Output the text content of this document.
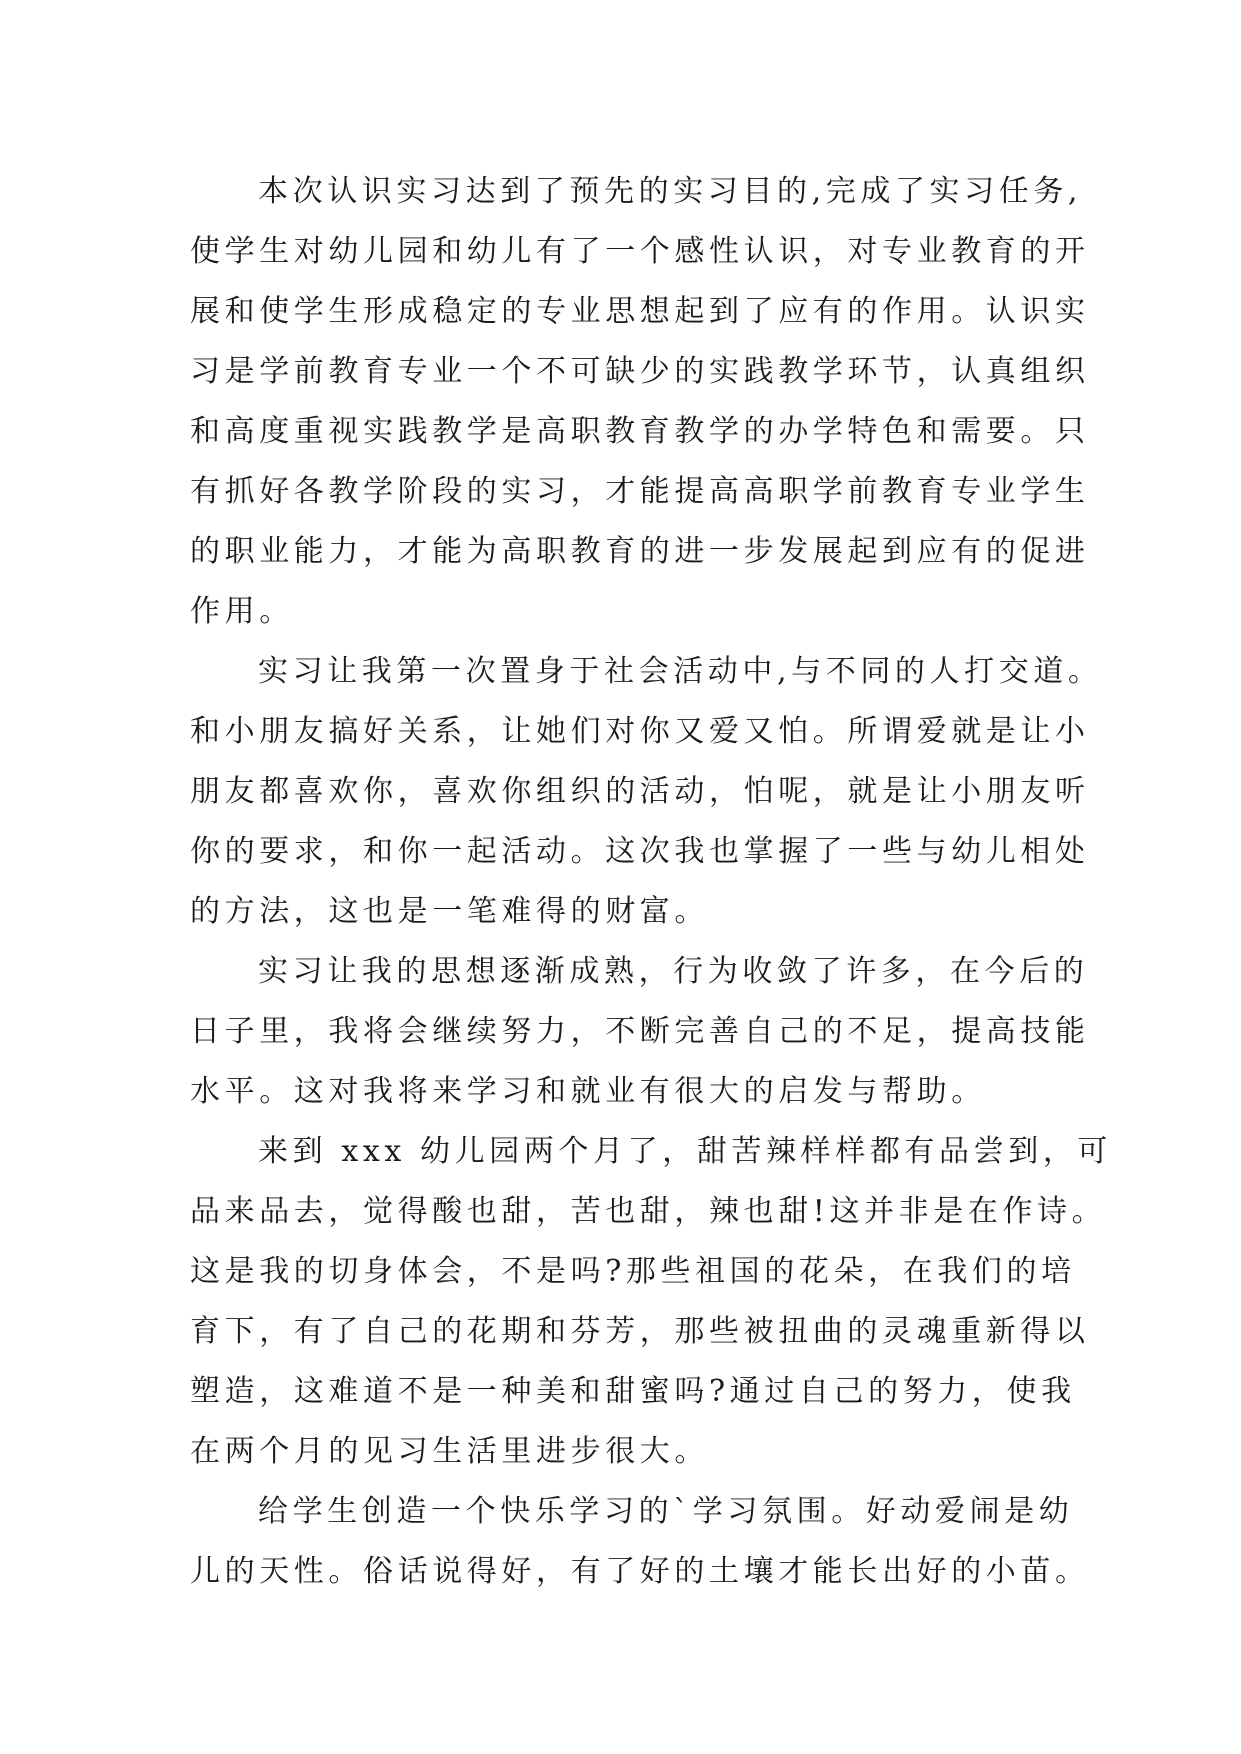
本次认识实习达到了预先的实习目的,完成了实习任务,
使学生对幼儿园和幼儿有了一个感性认识，对专业教育的开
展和使学生形成稳定的专业思想起到了应有的作用。认识实
习是学前教育专业一个不可缺少的实践教学环节，认真组织
和高度重视实践教学是高职教育教学的办学特色和需要。只
有抓好各教学阶段的实习，才能提高高职学前教育专业学生
的职业能力，才能为高职教育的进一步发展起到应有的促进
作用。
实习让我第一次置身于社会活动中,与不同的人打交道。
和小朋友搞好关系，让她们对你又爱又怕。所谓爱就是让小
朋友都喜欢你，喜欢你组织的活动，怕呢，就是让小朋友听
你的要求，和你一起活动。这次我也掌握了一些与幼儿相处
的方法，这也是一笔难得的财富。
实习让我的思想逐渐成熟，行为收敛了许多，在今后的
日子里，我将会继续努力，不断完善自己的不足，提高技能
水平。这对我将来学习和就业有很大的启发与帮助。
来到 xxx 幼儿园两个月了，甜苦辣样样都有品尝到，可
品来品去，觉得酸也甜，苦也甜，辣也甜!这并非是在作诗。
这是我的切身体会，不是吗?那些祖国的花朵，在我们的培
育下，有了自己的花期和芬芳，那些被扭曲的灵魂重新得以
塑造，这难道不是一种美和甜蜜吗?通过自己的努力，使我
在两个月的见习生活里进步很大。
给学生创造一个快乐学习的`学习氛围。好动爱闹是幼
儿的天性。俗话说得好，有了好的土壤才能长出好的小苗。
